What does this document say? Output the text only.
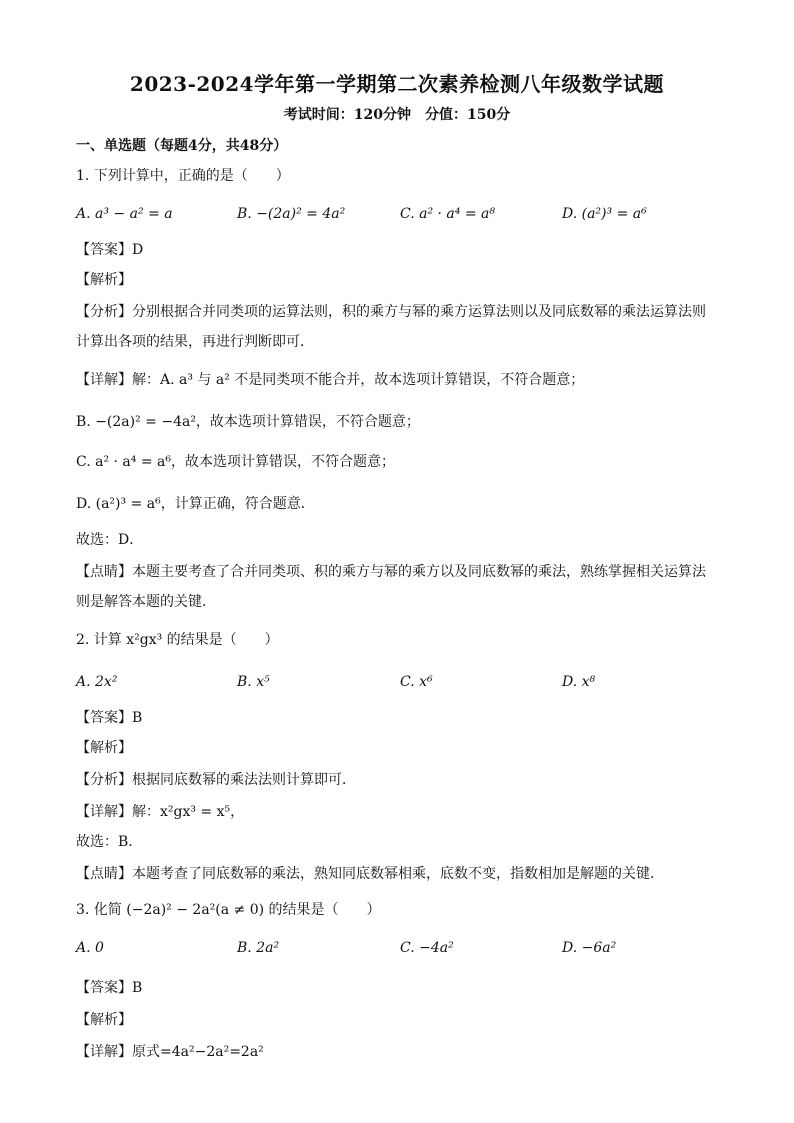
2023-2024学年第一学期第二次素养检测八年级数学试题
考试时间：120分钟　分值：150分
一、单选题（每题4分，共48分）
1. 下列计算中，正确的是（　　）
A. a³ − a² = a	B. −(2a)² = 4a²	C. a² · a⁴ = a⁸	D. (a²)³ = a⁶
【答案】D
【解析】
【分析】分别根据合并同类项的运算法则，积的乘方与幂的乘方运算法则以及同底数幂的乘法运算法则
计算出各项的结果，再进行判断即可．
【详解】解：A. a³ 与 a² 不是同类项不能合并，故本选项计算错误，不符合题意；
B. −(2a)² = −4a²，故本选项计算错误，不符合题意；
C. a² · a⁴ = a⁶，故本选项计算错误，不符合题意；
D. (a²)³ = a⁶，计算正确，符合题意．
故选：D．
【点睛】本题主要考查了合并同类项、积的乘方与幂的乘方以及同底数幂的乘法，熟练掌握相关运算法
则是解答本题的关键．
2. 计算 x²gx³ 的结果是（　　）
A. 2x²	B. x⁵	C. x⁶	D. x⁸
【答案】B
【解析】
【分析】根据同底数幂的乘法法则计算即可．
【详解】解：x²gx³ = x⁵，
故选：B．
【点睛】本题考查了同底数幂的乘法，熟知同底数幂相乘，底数不变，指数相加是解题的关键．
3. 化简 (−2a)² − 2a²(a ≠ 0) 的结果是（　　）
A. 0	B. 2a²	C. −4a²	D. −6a²
【答案】B
【解析】
【详解】原式=4a²−2a²=2a²
